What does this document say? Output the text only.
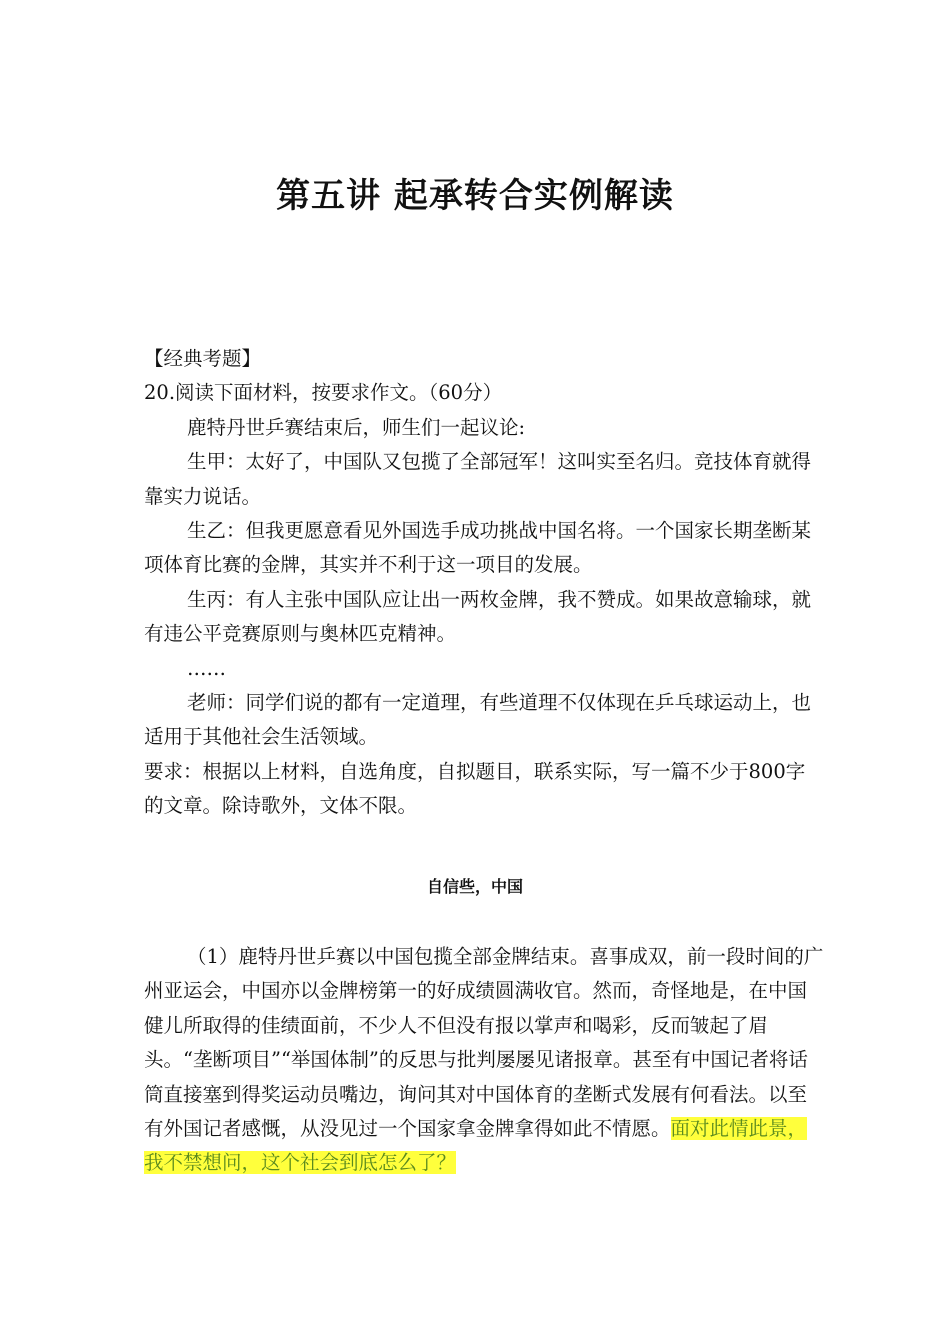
第五讲 起承转合实例解读

【经典考题】

20.阅读下面材料，按要求作文。（60分）

鹿特丹世乒赛结束后，师生们一起议论:

生甲：太好了，中国队又包揽了全部冠军！这叫实至名归。竞技体育就得靠实力说话。

生乙：但我更愿意看见外国选手成功挑战中国名将。一个国家长期垄断某项体育比赛的金牌，其实并不利于这一项目的发展。

生丙：有人主张中国队应让出一两枚金牌，我不赞成。如果故意输球，就有违公平竞赛原则与奥林匹克精神。

……

老师：同学们说的都有一定道理，有些道理不仅体现在乒乓球运动上，也适用于其他社会生活领域。

要求：根据以上材料，自选角度，自拟题目，联系实际，写一篇不少于800字的文章。除诗歌外，文体不限。

自信些，中国

（1）鹿特丹世乒赛以中国包揽全部金牌结束。喜事成双，前一段时间的广州亚运会，中国亦以金牌榜第一的好成绩圆满收官。然而，奇怪地是，在中国健儿所取得的佳绩面前，不少人不但没有报以掌声和喝彩，反而皱起了眉头。“垄断项目”“举国体制”的反思与批判屡屡见诸报章。甚至有中国记者将话筒直接塞到得奖运动员嘴边，询问其对中国体育的垄断式发展有何看法。以至有外国记者感慨，从没见过一个国家拿金牌拿得如此不情愿。面对此情此景，我不禁想问，这个社会到底怎么了？
